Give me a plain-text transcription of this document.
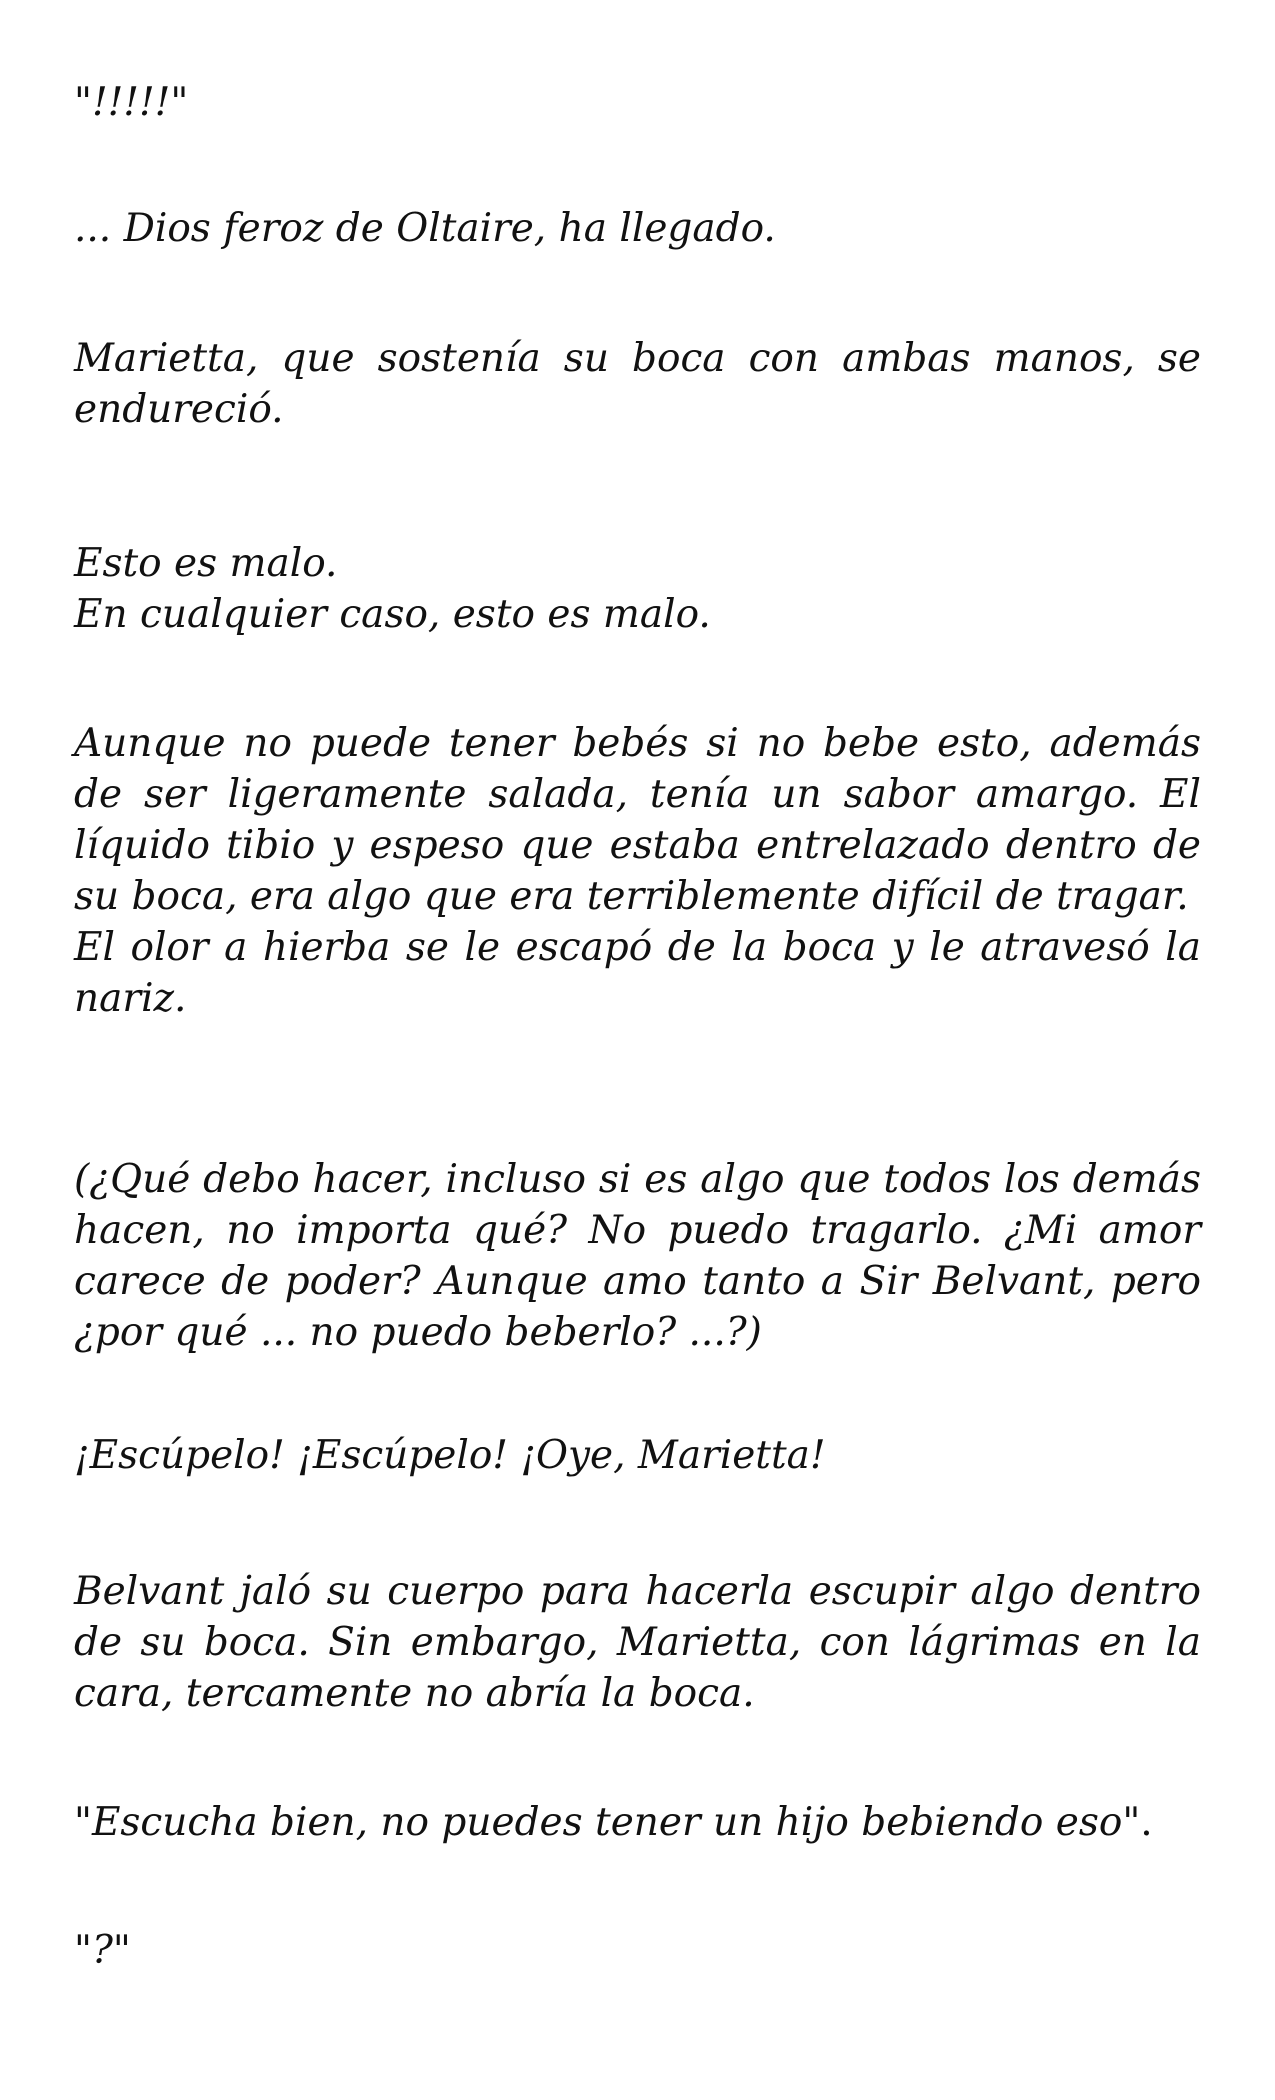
"!!!!!"

... Dios feroz de Oltaire, ha llegado.

Marietta, que sostenía su boca con ambas manos, se endureció.

Esto es malo.
En cualquier caso, esto es malo.

Aunque no puede tener bebés si no bebe esto, además de ser ligeramente salada, tenía un sabor amargo. El líquido tibio y espeso que estaba entrelazado dentro de su boca, era algo que era terriblemente difícil de tragar.

El olor a hierba se le escapó de la boca y le atravesó la nariz.

(¿Qué debo hacer, incluso si es algo que todos los demás hacen, no importa qué? No puedo tragarlo. ¿Mi amor carece de poder? Aunque amo tanto a Sir Belvant, pero ¿por qué ... no puedo beberlo? ...?)

¡Escúpelo! ¡Escúpelo! ¡Oye, Marietta!

Belvant jaló su cuerpo para hacerla escupir algo dentro de su boca. Sin embargo, Marietta, con lágrimas en la cara, tercamente no abría la boca.

"Escucha bien, no puedes tener un hijo bebiendo eso".

"?"
